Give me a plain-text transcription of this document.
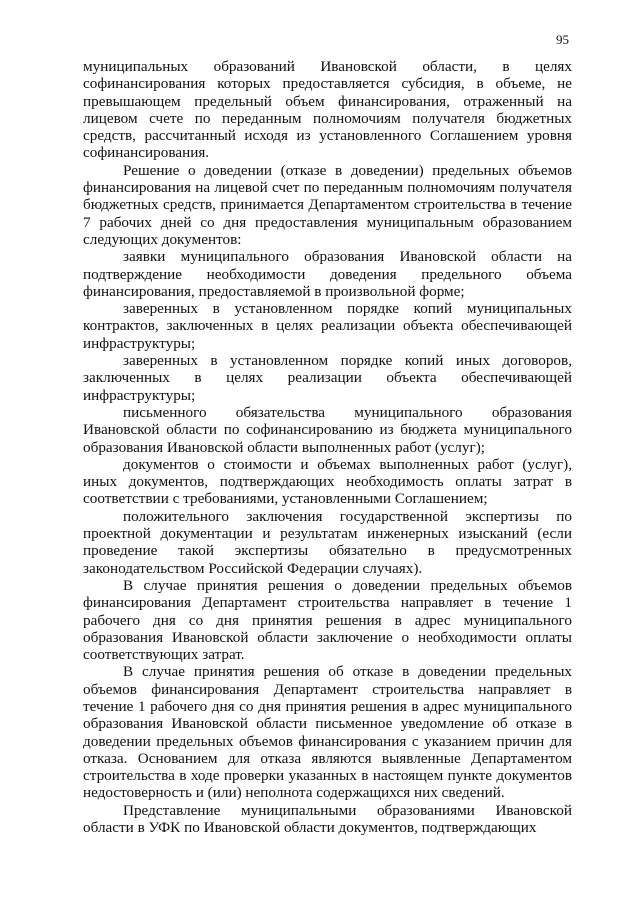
95

муниципальных образований Ивановской области, в целях софинансирования которых предоставляется субсидия, в объеме, не превышающем предельный объем финансирования, отраженный на лицевом счете по переданным полномочиям получателя бюджетных средств, рассчитанный исходя из установленного Соглашением уровня софинансирования.

Решение о доведении (отказе в доведении) предельных объемов финансирования на лицевой счет по переданным полномочиям получателя бюджетных средств, принимается Департаментом строительства в течение 7 рабочих дней со дня предоставления муниципальным образованием следующих документов:

заявки муниципального образования Ивановской области на подтверждение необходимости доведения предельного объема финансирования, предоставляемой в произвольной форме;

заверенных в установленном порядке копий муниципальных контрактов, заключенных в целях реализации объекта обеспечивающей инфраструктуры;

заверенных в установленном порядке копий иных договоров, заключенных в целях реализации объекта обеспечивающей инфраструктуры;

письменного обязательства муниципального образования Ивановской области по софинансированию из бюджета муниципального образования Ивановской области выполненных работ (услуг);

документов о стоимости и объемах выполненных работ (услуг), иных документов, подтверждающих необходимость оплаты затрат в соответствии с требованиями, установленными Соглашением;

положительного заключения государственной экспертизы по проектной документации и результатам инженерных изысканий (если проведение такой экспертизы обязательно в предусмотренных законодательством Российской Федерации случаях).

В случае принятия решения о доведении предельных объемов финансирования Департамент строительства направляет в течение 1 рабочего дня со дня принятия решения в адрес муниципального образования Ивановской области заключение о необходимости оплаты соответствующих затрат.

В случае принятия решения об отказе в доведении предельных объемов финансирования Департамент строительства направляет в течение 1 рабочего дня со дня принятия решения в адрес муниципального образования Ивановской области письменное уведомление об отказе в доведении предельных объемов финансирования с указанием причин для отказа. Основанием для отказа являются выявленные Департаментом строительства в ходе проверки указанных в настоящем пункте документов недостоверность и (или) неполнота содержащихся них сведений.

Представление муниципальными образованиями Ивановской области в УФК по Ивановской области документов, подтверждающих
